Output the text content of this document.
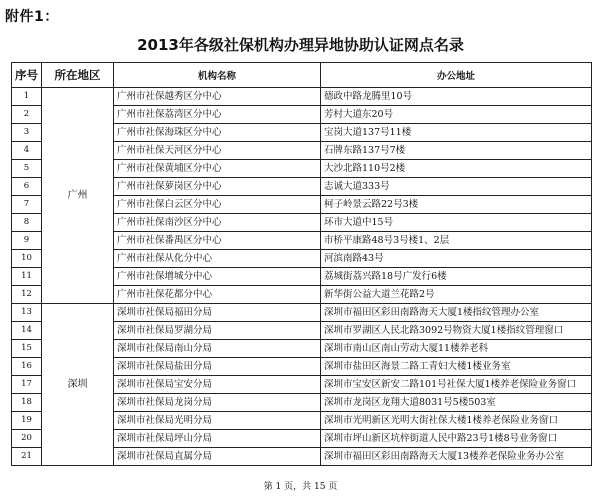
附件1：
2013年各级社保机构办理异地协助认证网点名录
序号	所在地区	机构名称	办公地址
1	广州	广州市社保越秀区分中心	德政中路龙腾里10号
2		广州市社保荔湾区分中心	芳村大道东20号
3		广州市社保海珠区分中心	宝岗大道137号11楼
4		广州市社保天河区分中心	石牌东路137号7楼
5		广州市社保黄埔区分中心	大沙北路110号2楼
6		广州市社保萝岗区分中心	志诚大道333号
7		广州市社保白云区分中心	柯子岭景云路22号3楼
8		广州市社保南沙区分中心	环市大道中15号
9		广州市社保番禺区分中心	市桥平康路48号3号楼1、2层
10		广州市社保从化分中心	河滨南路43号
11		广州市社保增城分中心	荔城街荔兴路18号广发行6楼
12		广州市社保花都分中心	新华街公益大道兰花路2号
13	深圳	深圳市社保局福田分局	深圳市福田区彩田南路海天大厦1楼指纹管理办公室
14		深圳市社保局罗湖分局	深圳市罗湖区人民北路3092号物资大厦1楼指纹管理窗口
15		深圳市社保局南山分局	深圳市南山区南山劳动大厦11楼养老科
16		深圳市社保局盐田分局	深圳市盐田区海景二路工青妇大楼1楼业务室
17		深圳市社保局宝安分局	深圳市宝安区新安二路101号社保大厦1楼养老保险业务窗口
18		深圳市社保局龙岗分局	深圳市龙岗区龙翔大道8031号5楼503室
19		深圳市社保局光明分局	深圳市光明新区光明大街社保大楼1楼养老保险业务窗口
20		深圳市社保局坪山分局	深圳市坪山新区坑梓街道人民中路23号1楼8号业务窗口
21		深圳市社保局直属分局	深圳市福田区彩田南路海天大厦13楼养老保险业务办公室
第 1 页，共 15 页
